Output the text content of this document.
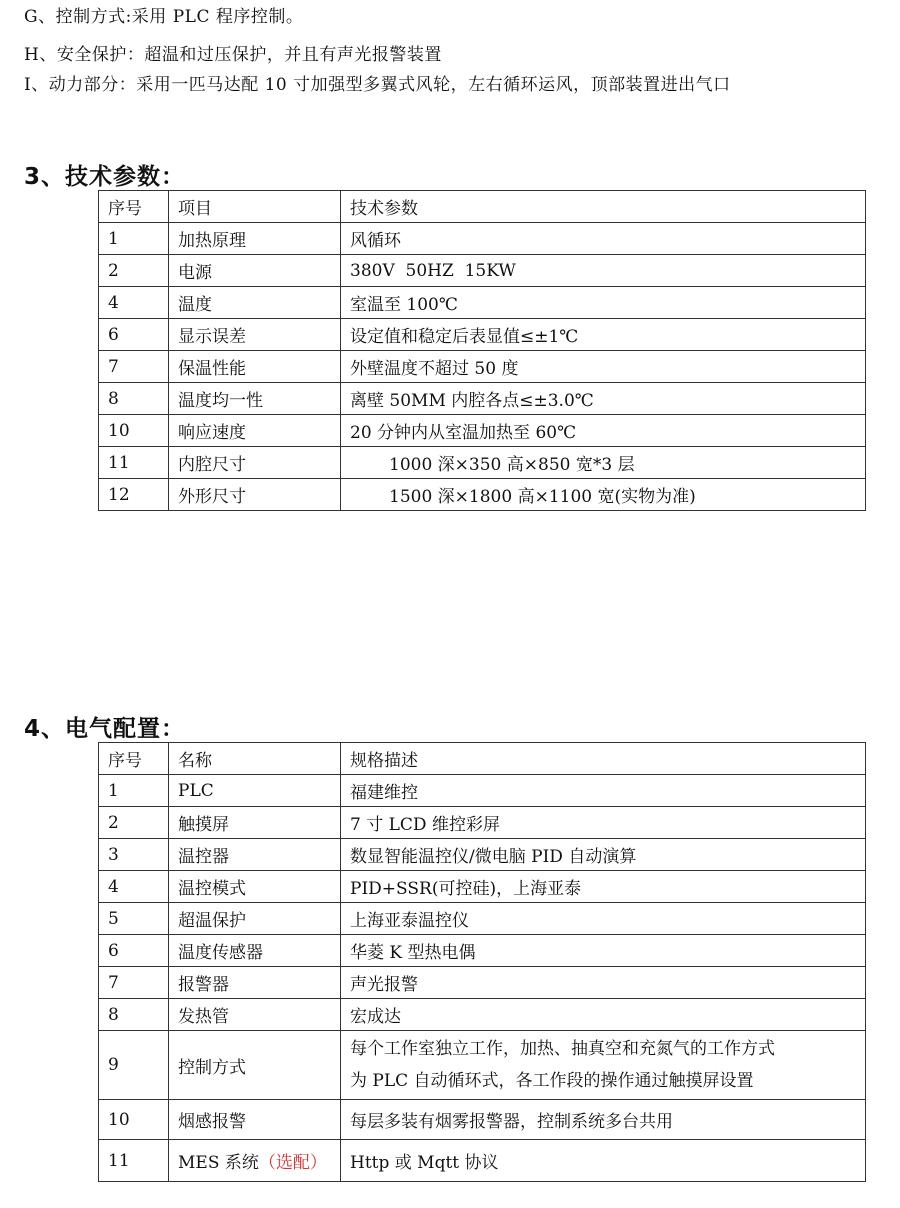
G、控制方式:采用 PLC 程序控制。
H、安全保护：超温和过压保护，并且有声光报警装置
I、动力部分：采用一匹马达配 10 寸加强型多翼式风轮，左右循环运风，顶部装置进出气口
3、技术参数：
序号	项目	技术参数
1	加热原理	风循环
2	电源	380V  50HZ  15KW
4	温度	室温至 100℃
6	显示误差	设定值和稳定后表显值≤±1℃
7	保温性能	外壁温度不超过 50 度
8	温度均一性	离壁 50MM 内腔各点≤±3.0℃
10	响应速度	20 分钟内从室温加热至 60℃
11	内腔尺寸	1000 深×350 高×850 宽*3 层
12	外形尺寸	1500 深×1800 高×1100 宽(实物为准)
4、电气配置：
序号	名称	规格描述
1	PLC	福建维控
2	触摸屏	7 寸 LCD 维控彩屏
3	温控器	数显智能温控仪/微电脑 PID 自动演算
4	温控模式	PID+SSR(可控硅)，上海亚泰
5	超温保护	上海亚泰温控仪
6	温度传感器	华菱 K 型热电偶
7	报警器	声光报警
8	发热管	宏成达
9	控制方式	每个工作室独立工作，加热、抽真空和充氮气的工作方式
为 PLC 自动循环式，各工作段的操作通过触摸屏设置

10	烟感报警	每层多装有烟雾报警器，控制系统多台共用
11	MES 系统（选配）	Http 或 Mqtt 协议
